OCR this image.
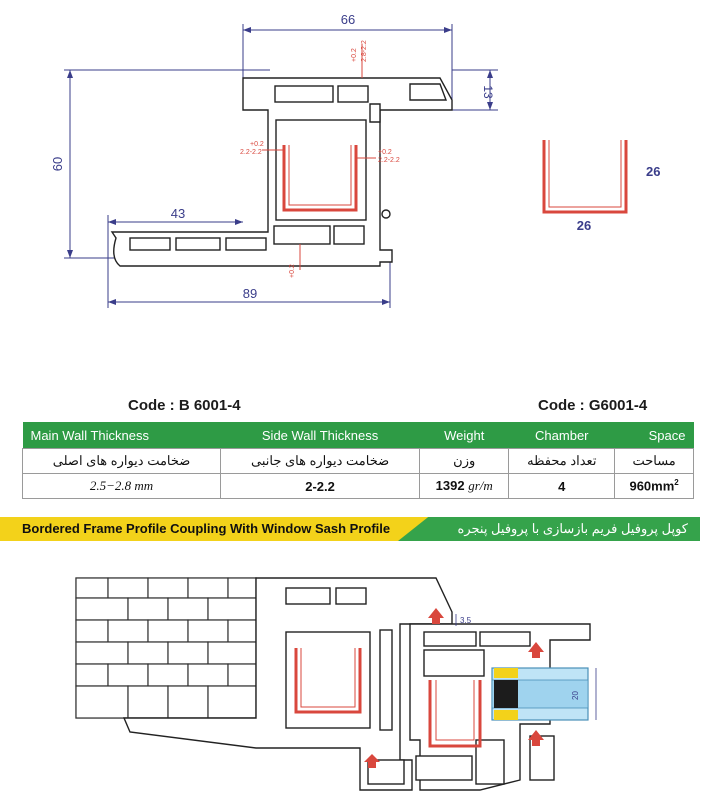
66
60
13
43
89
+0.2 2.8-2.2
+0.2
2.2-2.2	+0.2
2.2-2.2
+0.2
26
26
Code : B 6001-4	Code : G6001-4
Main Wall Thickness	Side Wall Thickness	Weight	Chamber	Space
ضخامت دیواره های اصلی	ضخامت دیواره های جانبی	وزن	تعداد محفظه	مساحت
2.5−2.8 mm	2-2.2	1392 gr/m	4	$960mm^2$
Bordered Frame Profile Coupling With Window Sash Profile	کوپل پروفیل فریم بازسازی با پروفیل پنجره
3.5
20
